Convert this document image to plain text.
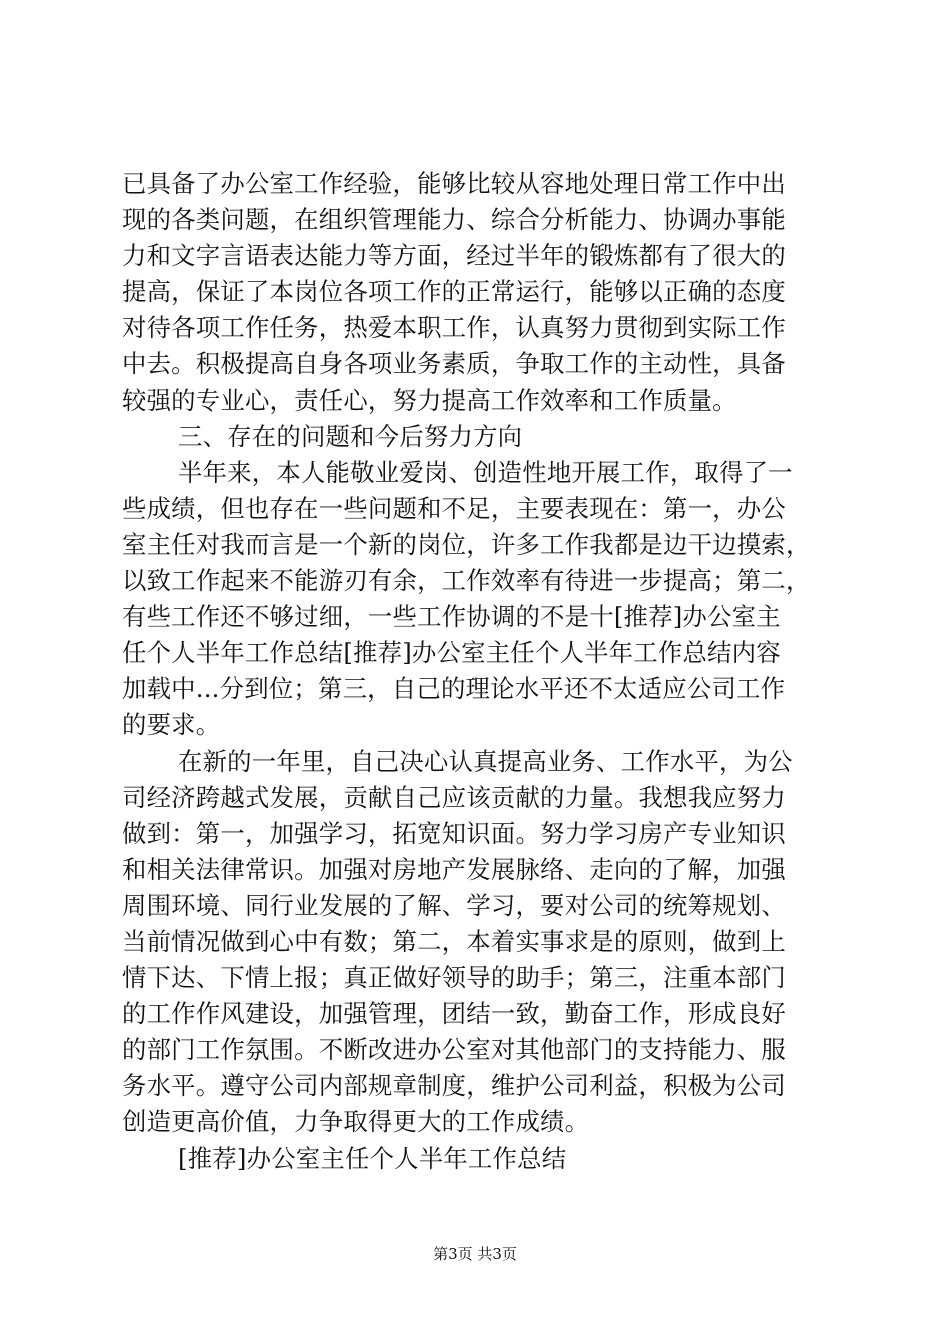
已具备了办公室工作经验，能够比较从容地处理日常工作中出
现的各类问题，在组织管理能力、综合分析能力、协调办事能
力和文字言语表达能力等方面，经过半年的锻炼都有了很大的
提高，保证了本岗位各项工作的正常运行，能够以正确的态度
对待各项工作任务，热爱本职工作，认真努力贯彻到实际工作
中去。积极提高自身各项业务素质，争取工作的主动性，具备
较强的专业心，责任心，努力提高工作效率和工作质量。
三、存在的问题和今后努力方向
半年来，本人能敬业爱岗、创造性地开展工作，取得了一
些成绩，但也存在一些问题和不足，主要表现在：第一，办公
室主任对我而言是一个新的岗位，许多工作我都是边干边摸索，
以致工作起来不能游刃有余，工作效率有待进一步提高；第二，
有些工作还不够过细，一些工作协调的不是十[推荐]办公室主
任个人半年工作总结[推荐]办公室主任个人半年工作总结内容
加载中...分到位；第三，自己的理论水平还不太适应公司工作
的要求。
在新的一年里，自己决心认真提高业务、工作水平，为公
司经济跨越式发展，贡献自己应该贡献的力量。我想我应努力
做到：第一，加强学习，拓宽知识面。努力学习房产专业知识
和相关法律常识。加强对房地产发展脉络、走向的了解，加强
周围环境、同行业发展的了解、学习，要对公司的统筹规划、
当前情况做到心中有数；第二，本着实事求是的原则，做到上
情下达、下情上报；真正做好领导的助手；第三，注重本部门
的工作作风建设，加强管理，团结一致，勤奋工作，形成良好
的部门工作氛围。不断改进办公室对其他部门的支持能力、服
务水平。遵守公司内部规章制度，维护公司利益，积极为公司
创造更高价值，力争取得更大的工作成绩。
[推荐]办公室主任个人半年工作总结
第3页 共3页
